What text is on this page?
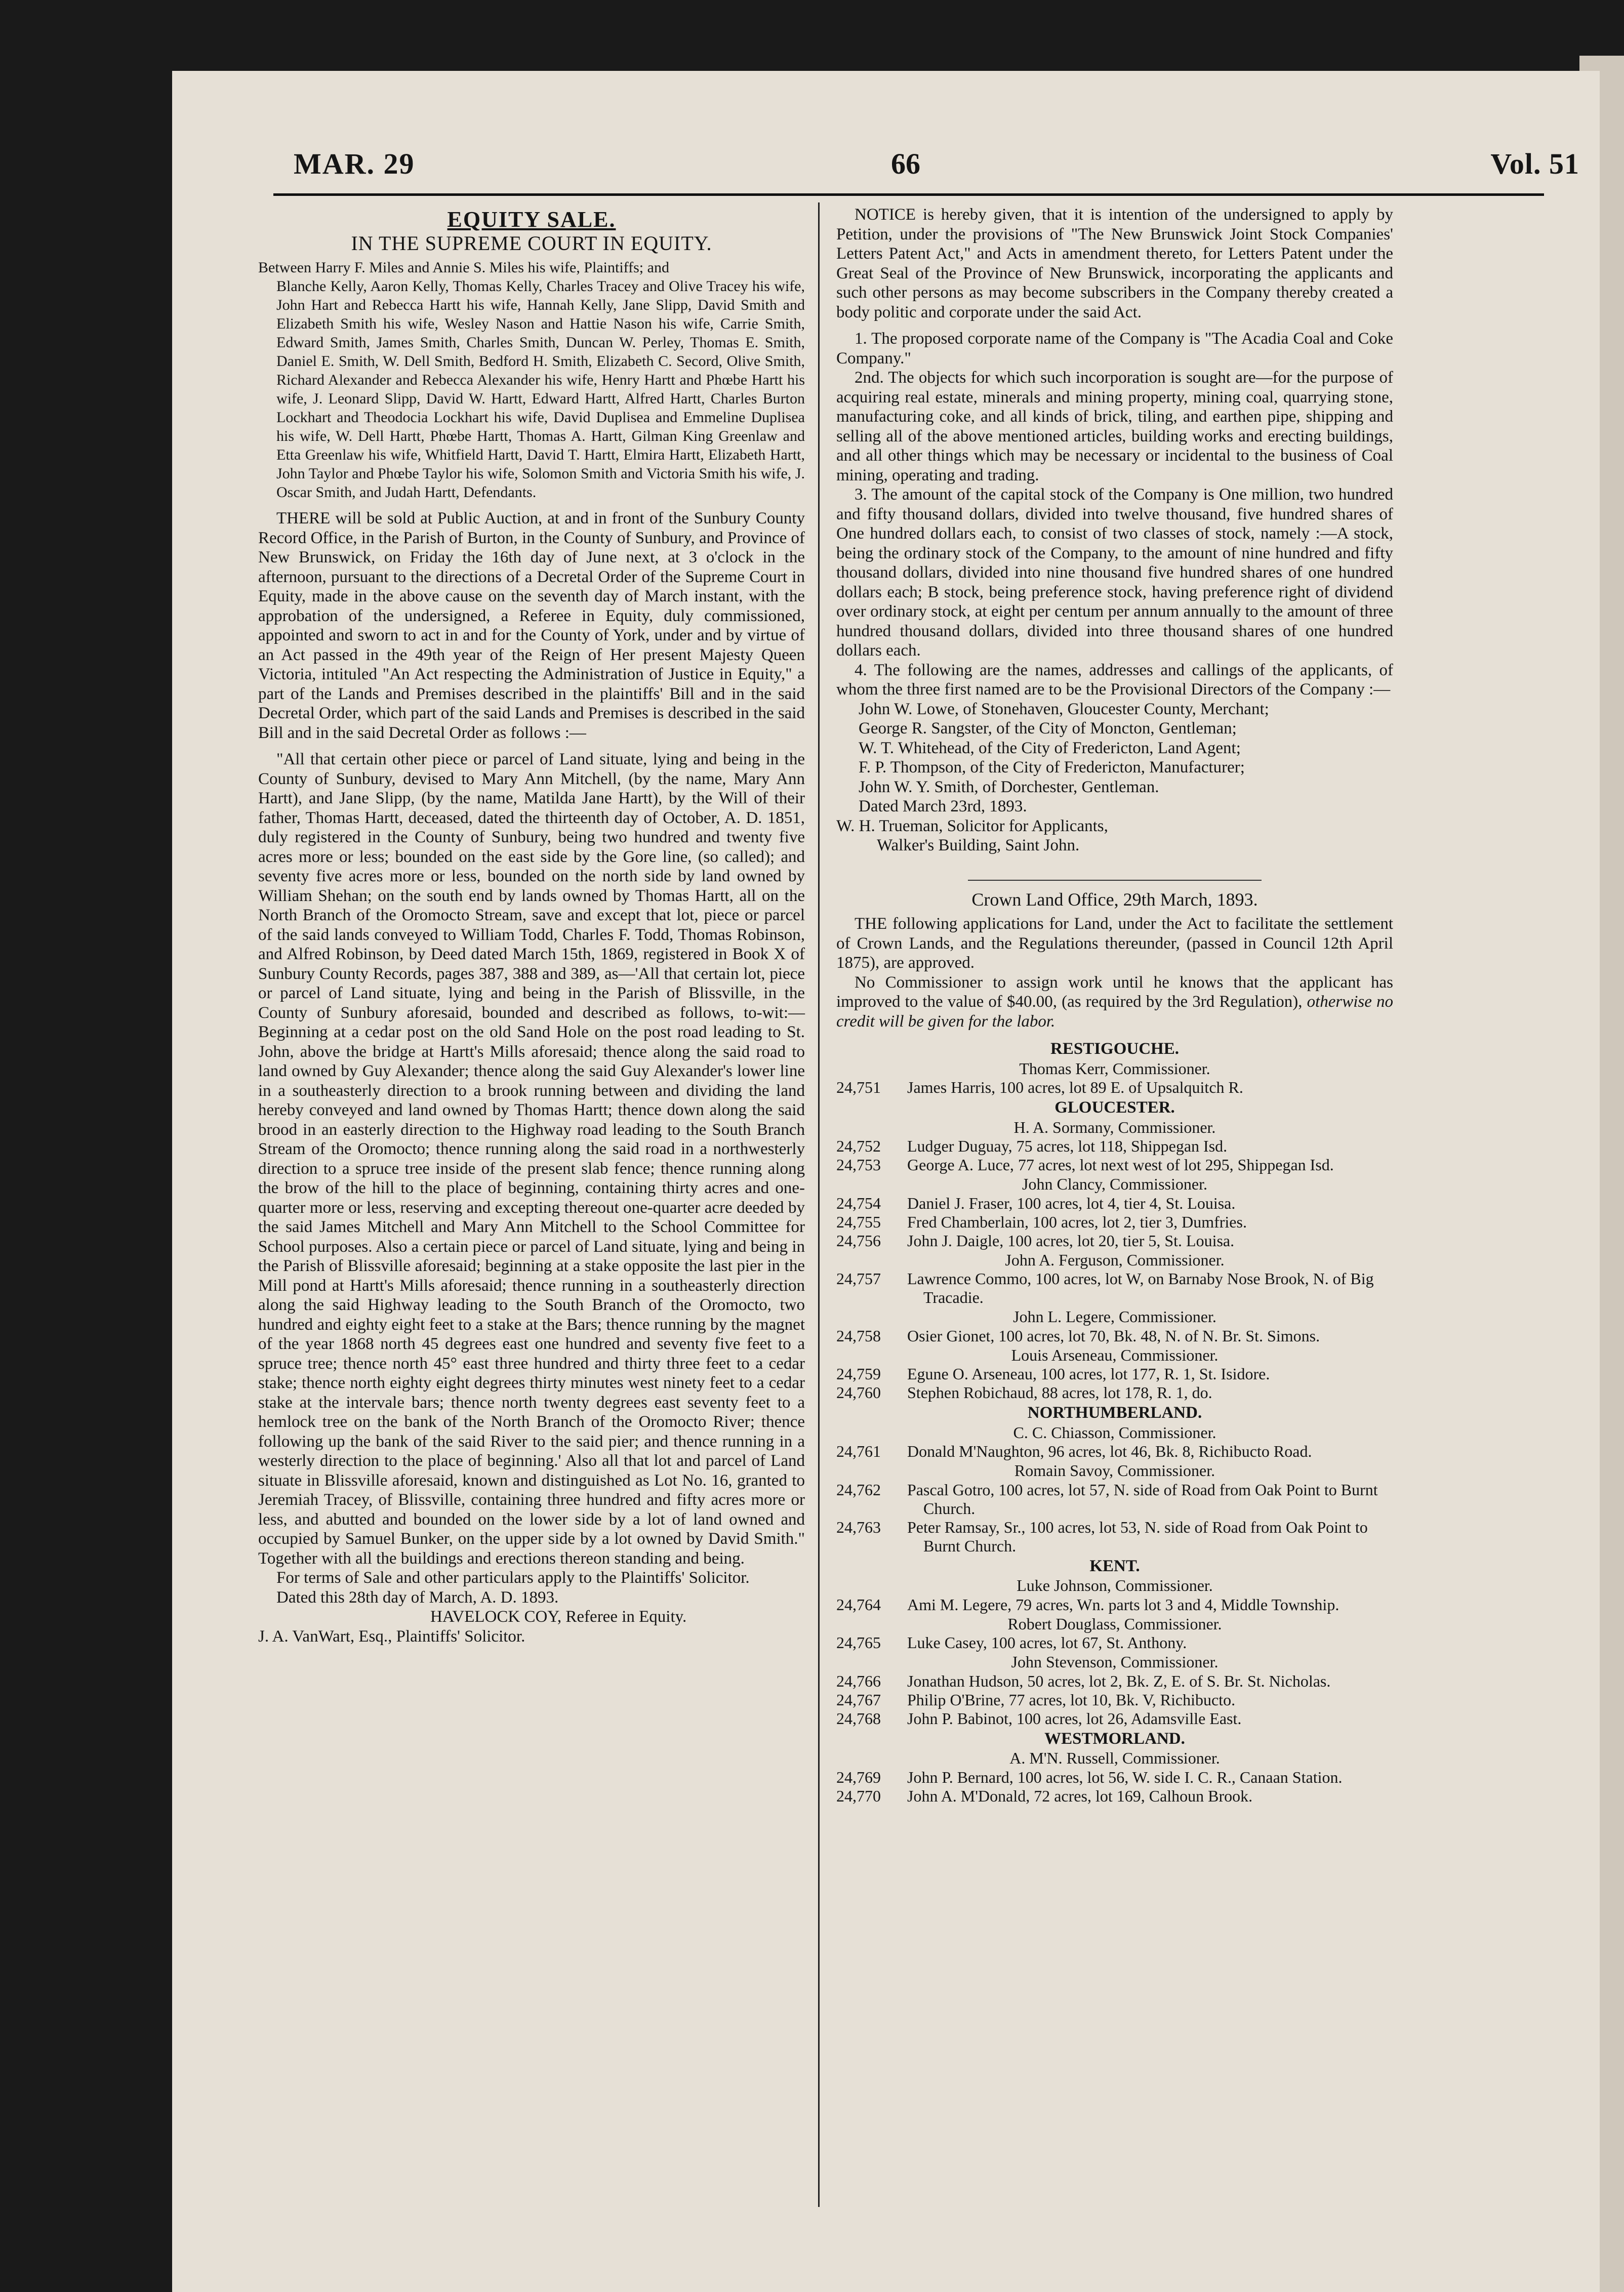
MAR. 29	66	Vol. 51
EQUITY SALE.
IN THE SUPREME COURT IN EQUITY.

Between Harry F. Miles and Annie S. Miles his wife, Plaintiffs; and

Blanche Kelly, Aaron Kelly, Thomas Kelly, Charles Tracey and Olive Tracey his wife, John Hart and Rebecca Hartt his wife, Hannah Kelly, Jane Slipp, David Smith and Elizabeth Smith his wife, Wesley Nason and Hattie Nason his wife, Carrie Smith, Edward Smith, James Smith, Charles Smith, Duncan W. Perley, Thomas E. Smith, Daniel E. Smith, W. Dell Smith, Bedford H. Smith, Elizabeth C. Secord, Olive Smith, Richard Alexander and Rebecca Alexander his wife, Henry Hartt and Phœbe Hartt his wife, J. Leonard Slipp, David W. Hartt, Edward Hartt, Alfred Hartt, Charles Burton Lockhart and Theodocia Lockhart his wife, David Duplisea and Emmeline Duplisea his wife, W. Dell Hartt, Phœbe Hartt, Thomas A. Hartt, Gilman King Greenlaw and Etta Greenlaw his wife, Whitfield Hartt, David T. Hartt, Elmira Hartt, Elizabeth Hartt, John Taylor and Phœbe Taylor his wife, Solomon Smith and Victoria Smith his wife, J. Oscar Smith, and Judah Hartt, Defendants.

THERE will be sold at Public Auction, at and in front of the Sunbury County Record Office, in the Parish of Burton, in the County of Sunbury, and Province of New Brunswick, on Friday the 16th day of June next, at 3 o'clock in the afternoon, pursuant to the directions of a Decretal Order of the Supreme Court in Equity, made in the above cause on the seventh day of March instant, with the approbation of the undersigned, a Referee in Equity, duly commissioned, appointed and sworn to act in and for the County of York, under and by virtue of an Act passed in the 49th year of the Reign of Her present Majesty Queen Victoria, intituled "An Act respecting the Administration of Justice in Equity," a part of the Lands and Premises described in the plaintiffs' Bill and in the said Decretal Order, which part of the said Lands and Premises is described in the said Bill and in the said Decretal Order as follows :—

"All that certain other piece or parcel of Land situate, lying and being in the County of Sunbury, devised to Mary Ann Mitchell, (by the name, Mary Ann Hartt), and Jane Slipp, (by the name, Matilda Jane Hartt), by the Will of their father, Thomas Hartt, deceased, dated the thirteenth day of October, A. D. 1851, duly registered in the County of Sunbury, being two hundred and twenty five acres more or less; bounded on the east side by the Gore line, (so called); and seventy five acres more or less, bounded on the north side by land owned by William Shehan; on the south end by lands owned by Thomas Hartt, all on the North Branch of the Oromocto Stream, save and except that lot, piece or parcel of the said lands conveyed to William Todd, Charles F. Todd, Thomas Robinson, and Alfred Robinson, by Deed dated March 15th, 1869, registered in Book X of Sunbury County Records, pages 387, 388 and 389, as—'All that certain lot, piece or parcel of Land situate, lying and being in the Parish of Blissville, in the County of Sunbury aforesaid, bounded and described as follows, to-wit:—Beginning at a cedar post on the old Sand Hole on the post road leading to St. John, above the bridge at Hartt's Mills aforesaid; thence along the said road to land owned by Guy Alexander; thence along the said Guy Alexander's lower line in a southeasterly direction to a brook running between and dividing the land hereby conveyed and land owned by Thomas Hartt; thence down along the said brood in an easterly direction to the Highway road leading to the South Branch Stream of the Oromocto; thence running along the said road in a northwesterly direction to a spruce tree inside of the present slab fence; thence running along the brow of the hill to the place of beginning, containing thirty acres and one-quarter more or less, reserving and excepting thereout one-quarter acre deeded by the said James Mitchell and Mary Ann Mitchell to the School Committee for School purposes. Also a certain piece or parcel of Land situate, lying and being in the Parish of Blissville aforesaid; beginning at a stake opposite the last pier in the Mill pond at Hartt's Mills aforesaid; thence running in a southeasterly direction along the said Highway leading to the South Branch of the Oromocto, two hundred and eighty eight feet to a stake at the Bars; thence running by the magnet of the year 1868 north 45 degrees east one hundred and seventy five feet to a spruce tree; thence north 45° east three hundred and thirty three feet to a cedar stake; thence north eighty eight degrees thirty minutes west ninety feet to a cedar stake at the intervale bars; thence north twenty degrees east seventy feet to a hemlock tree on the bank of the North Branch of the Oromocto River; thence following up the bank of the said River to the said pier; and thence running in a westerly direction to the place of beginning.' Also all that lot and parcel of Land situate in Blissville aforesaid, known and distinguished as Lot No. 16, granted to Jeremiah Tracey, of Blissville, containing three hundred and fifty acres more or less, and abutted and bounded on the lower side by a lot of land owned and occupied by Samuel Bunker, on the upper side by a lot owned by David Smith." Together with all the buildings and erections thereon standing and being.

For terms of Sale and other particulars apply to the Plaintiffs' Solicitor.

Dated this 28th day of March, A. D. 1893.

HAVELOCK COY, Referee in Equity.

J. A. VanWart, Esq., Plaintiffs' Solicitor.

NOTICE is hereby given, that it is intention of the undersigned to apply by Petition, under the provisions of "The New Brunswick Joint Stock Companies' Letters Patent Act," and Acts in amendment thereto, for Letters Patent under the Great Seal of the Province of New Brunswick, incorporating the applicants and such other persons as may become subscribers in the Company thereby created a body politic and corporate under the said Act.

1. The proposed corporate name of the Company is "The Acadia Coal and Coke Company."

2nd. The objects for which such incorporation is sought are—for the purpose of acquiring real estate, minerals and mining property, mining coal, quarrying stone, manufacturing coke, and all kinds of brick, tiling, and earthen pipe, shipping and selling all of the above mentioned articles, building works and erecting buildings, and all other things which may be necessary or incidental to the business of Coal mining, operating and trading.

3. The amount of the capital stock of the Company is One million, two hundred and fifty thousand dollars, divided into twelve thousand, five hundred shares of One hundred dollars each, to consist of two classes of stock, namely :—A stock, being the ordinary stock of the Company, to the amount of nine hundred and fifty thousand dollars, divided into nine thousand five hundred shares of one hundred dollars each; B stock, being preference stock, having preference right of dividend over ordinary stock, at eight per centum per annum annually to the amount of three hundred thousand dollars, divided into three thousand shares of one hundred dollars each.

4. The following are the names, addresses and callings of the applicants, of whom the three first named are to be the Provisional Directors of the Company :—

John W. Lowe, of Stonehaven, Gloucester County, Merchant;

George R. Sangster, of the City of Moncton, Gentleman;

W. T. Whitehead, of the City of Fredericton, Land Agent;

F. P. Thompson, of the City of Fredericton, Manufacturer;

John W. Y. Smith, of Dorchester, Gentleman.

Dated March 23rd, 1893.

W. H. Trueman, Solicitor for Applicants,

Walker's Building, Saint John.

Crown Land Office, 29th March, 1893.

THE following applications for Land, under the Act to facilitate the settlement of Crown Lands, and the Regulations thereunder, (passed in Council 12th April 1875), are approved.

No Commissioner to assign work until he knows that the applicant has improved to the value of $40.00, (as required by the 3rd Regulation), otherwise no credit will be given for the labor.

RESTIGOUCHE.
Thomas Kerr, Commissioner.
24,751	James Harris, 100 acres, lot 89 E. of Upsalquitch R.
GLOUCESTER.
H. A. Sormany, Commissioner.
24,752	Ludger Duguay, 75 acres, lot 118, Shippegan Isd.
24,753	George A. Luce, 77 acres, lot next west of lot 295, Shippegan Isd.
John Clancy, Commissioner.
24,754	Daniel J. Fraser, 100 acres, lot 4, tier 4, St. Louisa.
24,755	Fred Chamberlain, 100 acres, lot 2, tier 3, Dumfries.
24,756	John J. Daigle, 100 acres, lot 20, tier 5, St. Louisa.
John A. Ferguson, Commissioner.
24,757	Lawrence Commo, 100 acres, lot W, on Barnaby Nose Brook, N. of Big Tracadie.
John L. Legere, Commissioner.
24,758	Osier Gionet, 100 acres, lot 70, Bk. 48, N. of N. Br. St. Simons.
Louis Arseneau, Commissioner.
24,759	Egune O. Arseneau, 100 acres, lot 177, R. 1, St. Isidore.
24,760	Stephen Robichaud, 88 acres, lot 178, R. 1, do.
NORTHUMBERLAND.
C. C. Chiasson, Commissioner.
24,761	Donald M'Naughton, 96 acres, lot 46, Bk. 8, Richibucto Road.
Romain Savoy, Commissioner.
24,762	Pascal Gotro, 100 acres, lot 57, N. side of Road from Oak Point to Burnt Church.
24,763	Peter Ramsay, Sr., 100 acres, lot 53, N. side of Road from Oak Point to Burnt Church.
KENT.
Luke Johnson, Commissioner.
24,764	Ami M. Legere, 79 acres, Wn. parts lot 3 and 4, Middle Township.
Robert Douglass, Commissioner.
24,765	Luke Casey, 100 acres, lot 67, St. Anthony.
John Stevenson, Commissioner.
24,766	Jonathan Hudson, 50 acres, lot 2, Bk. Z, E. of S. Br. St. Nicholas.
24,767	Philip O'Brine, 77 acres, lot 10, Bk. V, Richibucto.
24,768	John P. Babinot, 100 acres, lot 26, Adamsville East.
WESTMORLAND.
A. M'N. Russell, Commissioner.
24,769	John P. Bernard, 100 acres, lot 56, W. side I. C. R., Canaan Station.
24,770	John A. M'Donald, 72 acres, lot 169, Calhoun Brook.
